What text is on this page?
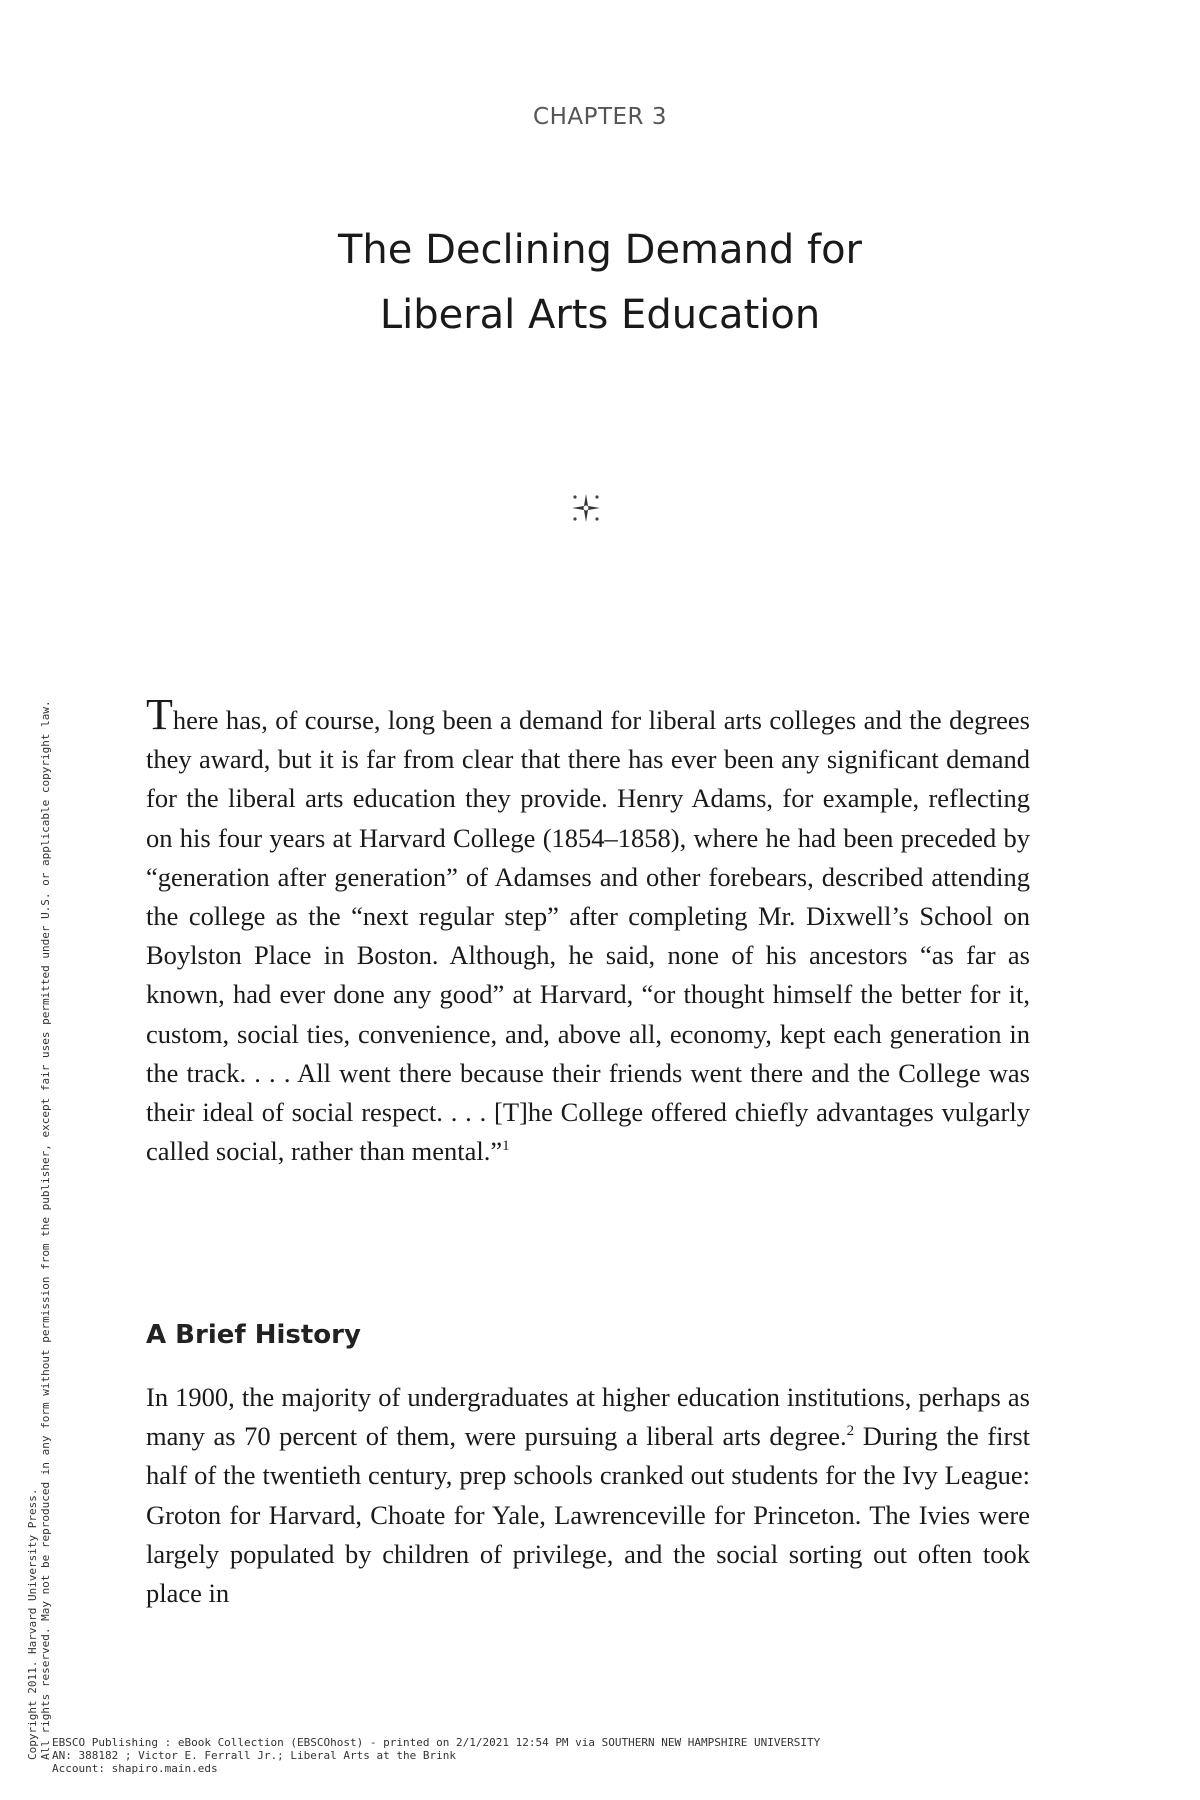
CHAPTER 3
The Declining Demand for
Liberal Arts Education

There has, of course, long been a demand for liberal arts colleges and the degrees they award, but it is far from clear that there has ever been any significant demand for the liberal arts education they provide. Henry Adams, for example, reflecting on his four years at Harvard College (1854–1858), where he had been preceded by “generation after generation” of Adamses and other forebears, described attending the college as the “next regular step” after completing Mr. Dixwell’s School on Boylston Place in Boston. Although, he said, none of his ancestors “as far as known, had ever done any good” at Harvard, “or thought himself the better for it, custom, social ties, convenience, and, above all, economy, kept each generation in the track. . . . All went there because their friends went there and the College was their ideal of social respect. . . . [T]he College offered chiefly advantages vulgarly called social, rather than mental.”$^1$

A Brief History

In 1900, the majority of undergraduates at higher education institutions, perhaps as many as 70 percent of them, were pursuing a liberal arts degree.$^2$ During the first half of the twentieth century, prep schools cranked out students for the Ivy League: Groton for Harvard, Choate for Yale, Lawrenceville for Princeton. The Ivies were largely populated by children of privilege, and the social sorting out often took place in

Copyright 2011. Harvard University Press. All rights reserved. May not be reproduced in any form without permission from the publisher, except fair uses permitted under U.S. or applicable copyright law. EBSCO Publishing : eBook Collection (EBSCOhost) - printed on 2/1/2021 12:54 PM via SOUTHERN NEW HAMPSHIRE UNIVERSITY
AN: 388182 ; Victor E. Ferrall Jr.; Liberal Arts at the Brink
Account: shapiro.main.eds
